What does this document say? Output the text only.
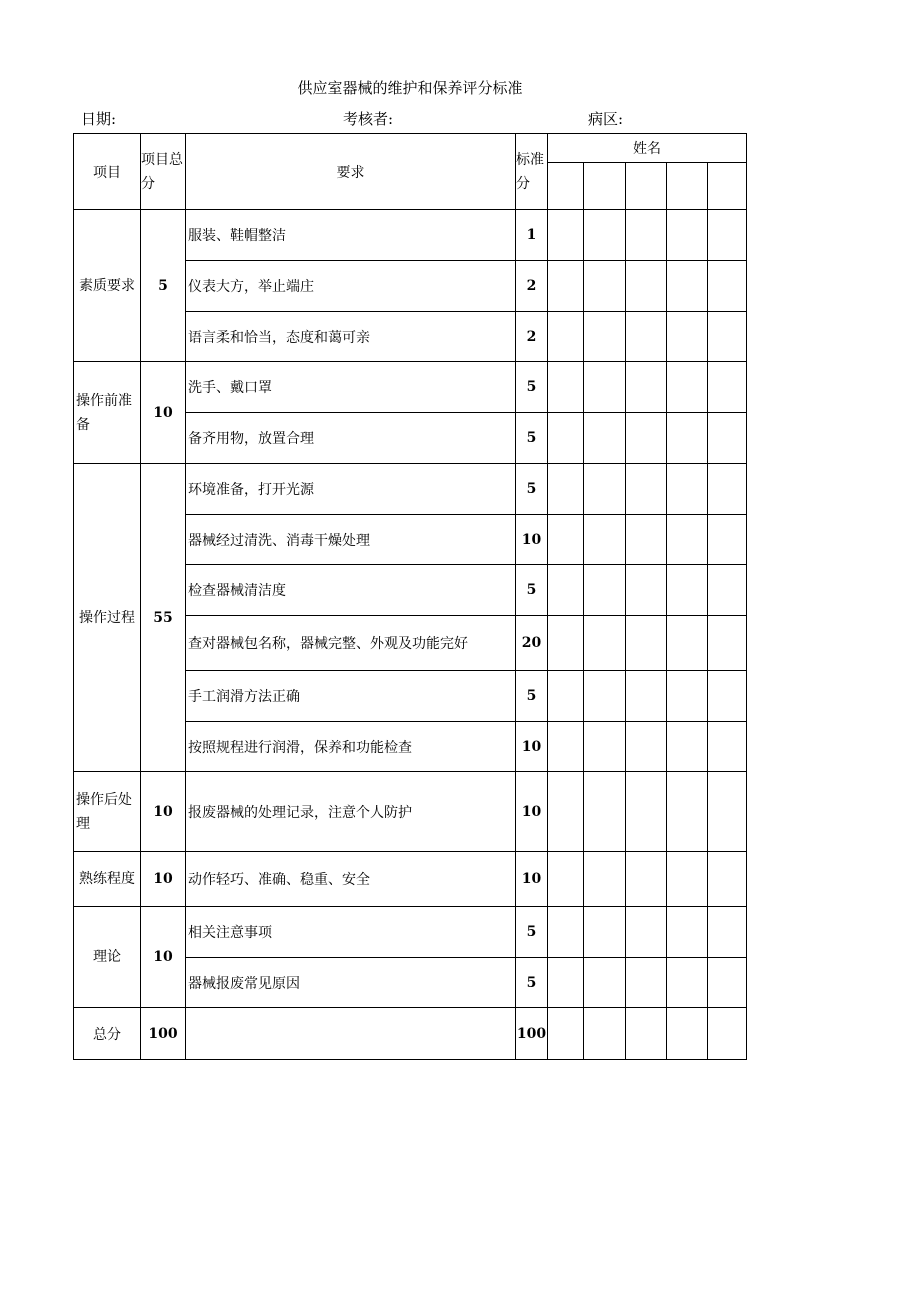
供应室器械的维护和保养评分标准
日期:	考核者:	病区:
项目	项目总分	要求	标准分	姓名				

素质要求	5	服装、鞋帽整洁	1					
		仪表大方，举止端庄	2					
		语言柔和恰当，态度和蔼可亲	2					
操作前准备	10	洗手、戴口罩	5					
		备齐用物，放置合理	5					
操作过程	55	环境准备，打开光源	5					
		器械经过清洗、消毒干燥处理	10					
		检查器械清洁度	5					
		查对器械包名称，器械完整、外观及功能完好	20					
		手工润滑方法正确	5					
		按照规程进行润滑，保养和功能检查	10					
操作后处理	10	报废器械的处理记录，注意个人防护	10					
熟练程度	10	动作轻巧、准确、稳重、安全	10					
理论	10	相关注意事项	5					
		器械报废常见原因	5					
总分	100		100					
